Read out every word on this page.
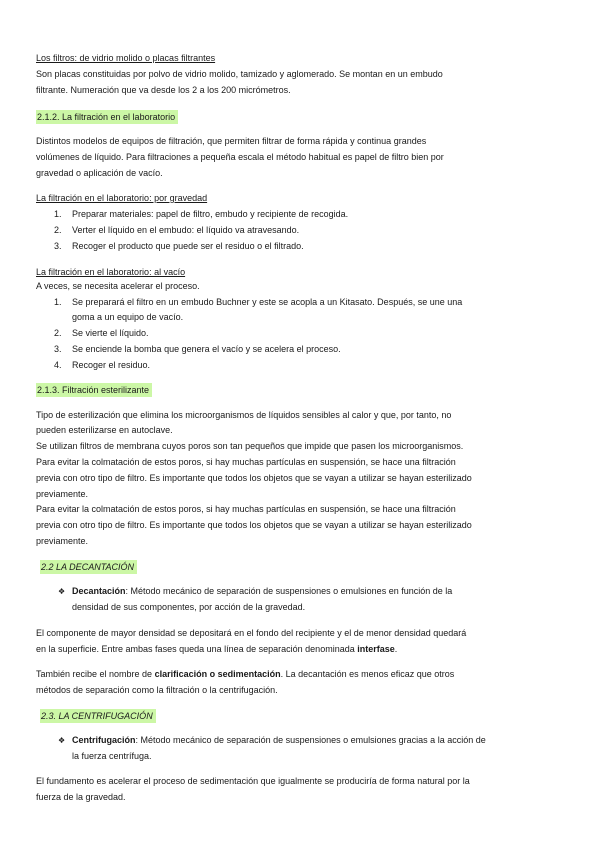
Los filtros: de vidrio molido o placas filtrantes

Son placas constituidas por polvo de vidrio molido, tamizado y aglomerado. Se montan en un embudo

filtrante. Numeración que va desde los 2 a los 200 micrómetros.

2.1.2. La filtración en el laboratorio

Distintos modelos de equipos de filtración, que permiten filtrar de forma rápida y continua grandes

volúmenes de líquido. Para filtraciones a pequeña escala el método habitual es papel de filtro bien por

gravedad o aplicación de vacío.

La filtración en el laboratorio: por gravedad

1. Preparar materiales: papel de filtro, embudo y recipiente de recogida.

2. Verter el líquido en el embudo: el líquido va atravesando.

3. Recoger el producto que puede ser el residuo o el filtrado.

La filtración en el laboratorio: al vacío

A veces, se necesita acelerar el proceso.

1. Se preparará el filtro en un embudo Buchner y este se acopla a un Kitasato. Después, se une una

goma a un equipo de vacío.

2. Se vierte el líquido.

3. Se enciende la bomba que genera el vacío y se acelera el proceso.

4. Recoger el residuo.

2.1.3. Filtración esterilizante

Tipo de esterilización que elimina los microorganismos de líquidos sensibles al calor y que, por tanto, no

pueden esterilizarse en autoclave.

Se utilizan filtros de membrana cuyos poros son tan pequeños que impide que pasen los microorganismos.

Para evitar la colmatación de estos poros, si hay muchas partículas en suspensión, se hace una filtración

previa con otro tipo de filtro. Es importante que todos los objetos que se vayan a utilizar se hayan esterilizado

previamente.

Para evitar la colmatación de estos poros, si hay muchas partículas en suspensión, se hace una filtración

previa con otro tipo de filtro. Es importante que todos los objetos que se vayan a utilizar se hayan esterilizado

previamente.

2.2 LA DECANTACIÓN

❖ Decantación: Método mecánico de separación de suspensiones o emulsiones en función de la

densidad de sus componentes, por acción de la gravedad.

El componente de mayor densidad se depositará en el fondo del recipiente y el de menor densidad quedará

en la superficie. Entre ambas fases queda una línea de separación denominada interfase.

También recibe el nombre de clarificación o sedimentación. La decantación es menos eficaz que otros

métodos de separación como la filtración o la centrifugación.

2.3. LA CENTRIFUGACIÓN

❖ Centrifugación: Método mecánico de separación de suspensiones o emulsiones gracias a la acción de

la fuerza centrífuga.

El fundamento es acelerar el proceso de sedimentación que igualmente se produciría de forma natural por la

fuerza de la gravedad.
